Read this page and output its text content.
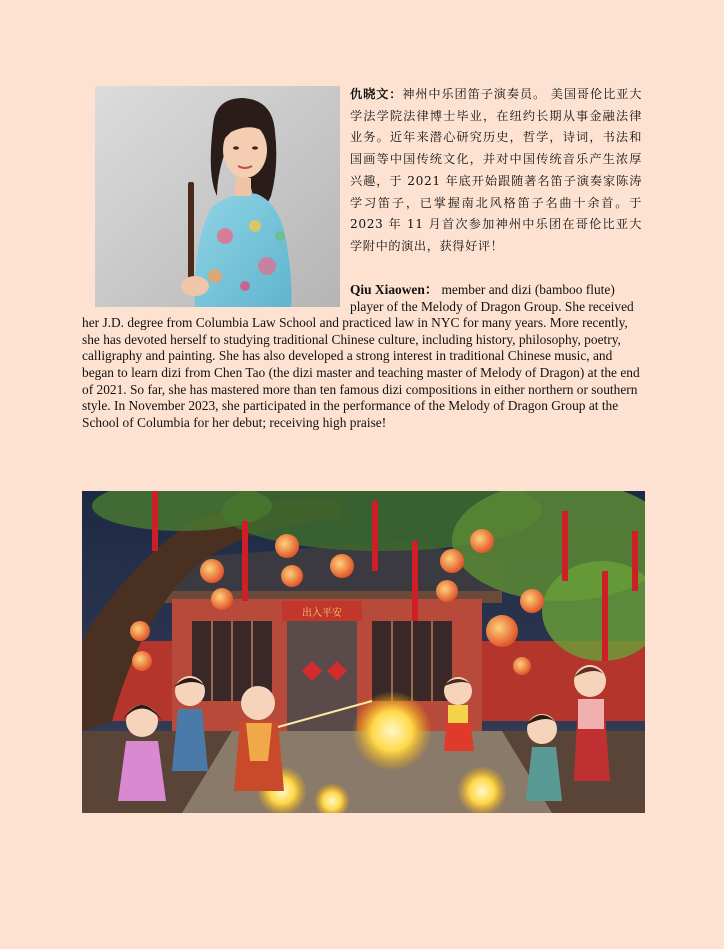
仇晓文：神州中乐团笛子演奏员。 美国哥伦比亚大学法学院法律博士毕业，在纽约长期从事金融法律业务。近年来潜心研究历史，哲学，诗词，书法和国画等中国传统文化，并对中国传统音乐产生浓厚兴趣，于 2021 年底开始跟随著名笛子演奏家陈涛学习笛子，已掌握南北风格笛子名曲十余首。于 2023 年 11 月首次参加神州中乐团在哥伦比亚大学附中的演出，获得好评！

Qiu Xiaowen： member and dizi (bamboo flute) player of the Melody of Dragon Group. She received her J.D. degree from Columbia Law School and practiced law in NYC for many years. More recently, she has devoted herself to studying traditional Chinese culture, including history, philosophy, poetry, calligraphy and painting. She has also developed a strong interest in traditional Chinese music, and began to learn dizi from Chen Tao (the dizi master and teaching master of Melody of Dragon) at the end of 2021. So far, she has mastered more than ten famous dizi compositions in either northern or southern style. In November 2023, she participated in the performance of the Melody of Dragon Group at the School of Columbia for her debut; receiving high praise!

出入平安
